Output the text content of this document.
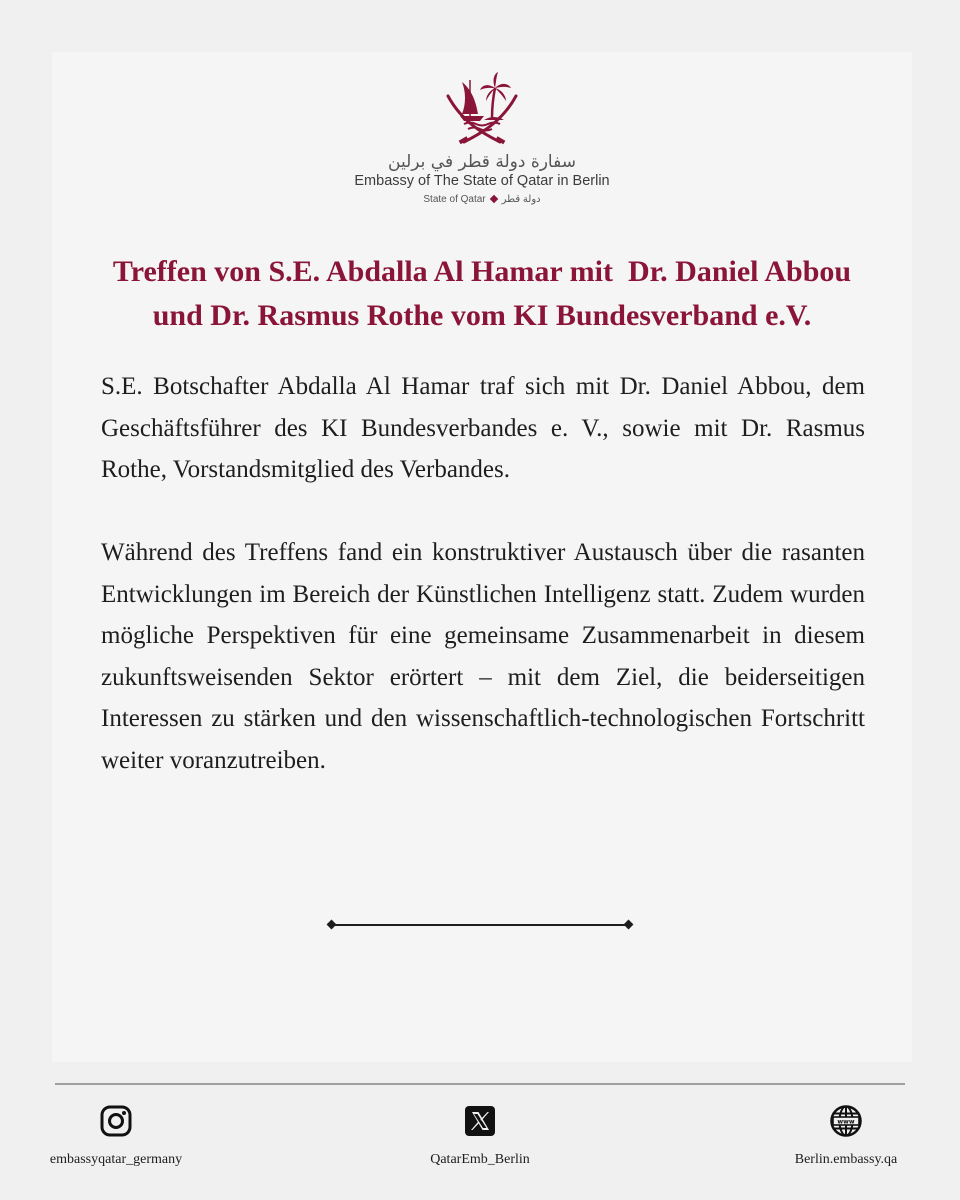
سفارة دولة قطر في برلين
Embassy of The State of Qatar in Berlin
State of Qatar دولة قطر
Treffen von S.E. Abdalla Al Hamar mit  Dr. Daniel Abbou
und Dr. Rasmus Rothe vom KI Bundesverband e.V.

S.E. Botschafter Abdalla Al Hamar traf sich mit Dr. Daniel Abbou, dem Geschäftsführer des KI Bundesverbandes e. V., sowie mit Dr. Rasmus Rothe, Vorstandsmitglied des Verbandes.

Während des Treffens fand ein konstruktiver Austausch über die rasanten Entwicklungen im Bereich der Künstlichen Intelligenz statt. Zudem wurden mögliche Perspektiven für eine gemeinsame Zusammenarbeit in diesem zukunftsweisenden Sektor erörtert – mit dem Ziel, die beiderseitigen Interessen zu stärken und den wissenschaftlich-technologischen Fortschritt weiter voranzutreiben.

embassyqatar_germany	QatarEmb_Berlin
www
Berlin.embassy.qa
